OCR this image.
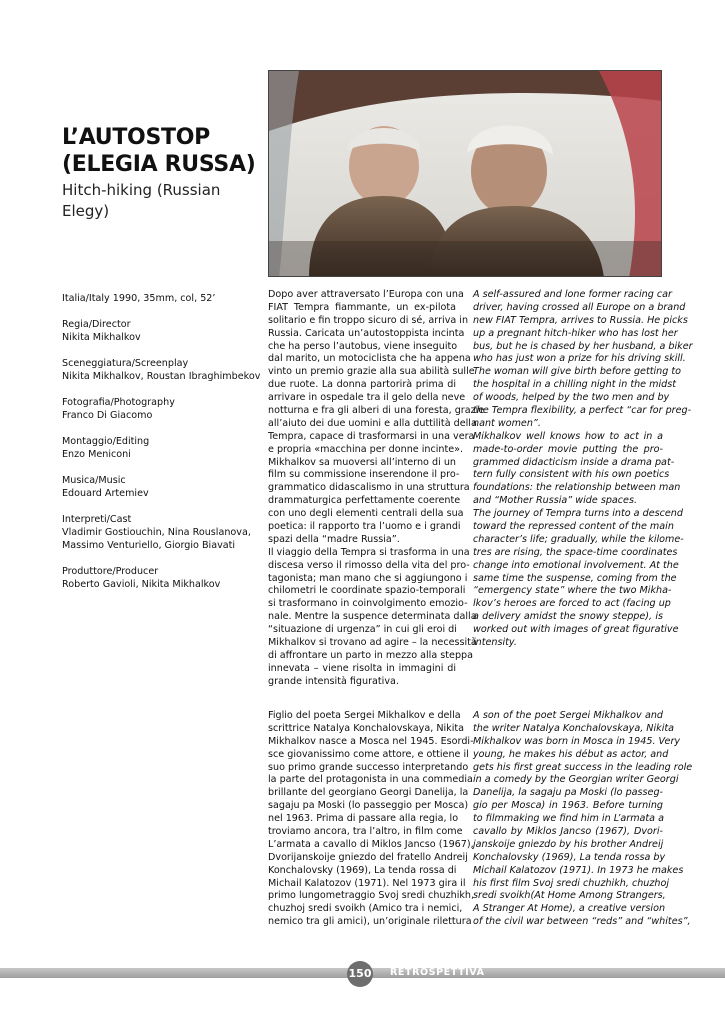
L’AUTOSTOP
(ELEGIA RUSSA)
Hitch-hiking (Russian
Elegy)
Italia/Italy 1990, 35mm, col, 52’
Regia/Director
Nikita Mikhalkov
Sceneggiatura/Screenplay
Nikita Mikhalkov, Roustan Ibraghimbekov
Fotografia/Photography
Franco Di Giacomo
Montaggio/Editing
Enzo Meniconi
Musica/Music
Edouard Artemiev
Interpreti/Cast
Vladimir Gostiouchin, Nina Rouslanova,
Massimo Venturiello, Giorgio Biavati
Produttore/Producer
Roberto Gavioli, Nikita Mikhalkov
Dopo aver attraversato l’Europa con una
FIAT Tempra fiammante, un ex-pilota
solitario e fin troppo sicuro di sé, arriva in
Russia. Caricata un’autostoppista incinta
che ha perso l’autobus, viene inseguito
dal marito, un motociclista che ha appena
vinto un premio grazie alla sua abilità sulle
due ruote. La donna partorirà prima di
arrivare in ospedale tra il gelo della neve
notturna e fra gli alberi di una foresta, grazie
all’aiuto dei due uomini e alla duttilità della
Tempra, capace di trasformarsi in una vera
e propria «macchina per donne incinte».
Mikhalkov sa muoversi all’interno di un
film su commissione inserendone il pro-
grammatico didascalismo in una struttura
drammaturgica perfettamente coerente
con uno degli elementi centrali della sua
poetica: il rapporto tra l’uomo e i grandi
spazi della “madre Russia”.
Il viaggio della Tempra si trasforma in una
discesa verso il rimosso della vita del pro-
tagonista; man mano che si aggiungono i
chilometri le coordinate spazio-temporali
si trasformano in coinvolgimento emozio-
nale. Mentre la suspence determinata dalla
“situazione di urgenza” in cui gli eroi di
Mikhalkov si trovano ad agire – la necessità
di affrontare un parto in mezzo alla steppa
innevata – viene risolta in immagini di
grande intensità figurativa.
A self-assured and lone former racing car
driver, having crossed all Europe on a brand
new FIAT Tempra, arrives to Russia. He picks
up a pregnant hitch-hiker who has lost her
bus, but he is chased by her husband, a biker
who has just won a prize for his driving skill.
The woman will give birth before getting to
the hospital in a chilling night in the midst
of woods, helped by the two men and by
the Tempra flexibility, a perfect “car for preg-
nant women”.
Mikhalkov well knows how to act in a
made-to-order movie putting the pro-
grammed didacticism inside a drama pat-
tern fully consistent with his own poetics
foundations: the relationship between man
and “Mother Russia” wide spaces.
The journey of Tempra turns into a descend
toward the repressed content of the main
character’s life; gradually, while the kilome-
tres are rising, the space-time coordinates
change into emotional involvement. At the
same time the suspense, coming from the
“emergency state” where the two Mikha-
lkov’s heroes are forced to act (facing up
a delivery amidst the snowy steppe), is
worked out with images of great figurative
intensity.
Figlio del poeta Sergei Mikhalkov e della
scrittrice Natalya Konchalovskaya, Nikita
Mikhalkov nasce a Mosca nel 1945. Esordi-
sce giovanissimo come attore, e ottiene il
suo primo grande successo interpretando
la parte del protagonista in una commedia
brillante del georgiano Georgi Danelija, la
sagaju pa Moski (lo passeggio per Mosca)
nel 1963. Prima di passare alla regia, lo
troviamo ancora, tra l’altro, in film come
L’armata a cavallo di Miklos Jancso (1967),
Dvorijanskoije gniezdo del fratello Andreij
Konchalovsky (1969), La tenda rossa di
Michail Kalatozov (1971). Nel 1973 gira il
primo lungometraggio Svoj sredi chuzhikh,
chuzhoj sredi svoikh (Amico tra i nemici,
nemico tra gli amici), un’originale rilettura
A son of the poet Sergei Mikhalkov and
the writer Natalya Konchalovskaya, Nikita
Mikhalkov was born in Mosca in 1945. Very
young, he makes his début as actor, and
gets his first great success in the leading role
in a comedy by the Georgian writer Georgi
Danelija, la sagaju pa Moski (lo passeg-
gio per Mosca) in 1963. Before turning
to filmmaking we find him in L’armata a
cavallo by Miklos Jancso (1967), Dvori-
janskoije gniezdo by his brother Andreij
Konchalovsky (1969), La tenda rossa by
Michail Kalatozov (1971). In 1973 he makes
his first film Svoj sredi chuzhikh, chuzhoj
sredi svoikh(At Home Among Strangers,
A Stranger At Home), a creative version
of the civil war between “reds” and “whites”,
150 RETROSPETTIVA
